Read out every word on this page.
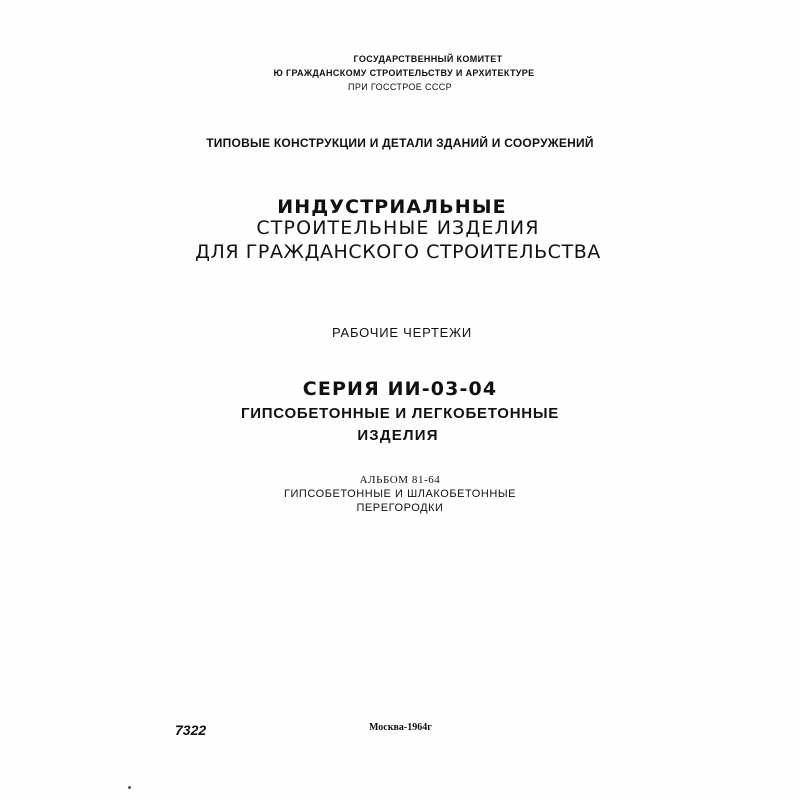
ГОСУДАРСТВЕННЫЙ КОМИТЕТ
Ю ГРАЖДАНСКОМУ СТРОИТЕЛЬСТВУ И АРХИТЕКТУРЕ
ПРИ ГОССТРОЕ СССР
ТИПОВЫЕ КОНСТРУКЦИИ И ДЕТАЛИ ЗДАНИЙ И СООРУЖЕНИЙ
ИНДУСТРИАЛЬНЫЕ
СТРОИТЕЛЬНЫЕ ИЗДЕЛИЯ
ДЛЯ ГРАЖДАНСКОГО СТРОИТЕЛЬСТВА
РАБОЧИЕ ЧЕРТЕЖИ
СЕРИЯ ИИ-03-04
ГИПСОБЕТОННЫЕ И ЛЕГКОБЕТОННЫЕ
ИЗДЕЛИЯ
АЛЬБОМ 81-64
ГИПСОБЕТОННЫЕ И ШЛАКОБЕТОННЫЕ
ПЕРЕГОРОДКИ
7322	Москва-1964г
